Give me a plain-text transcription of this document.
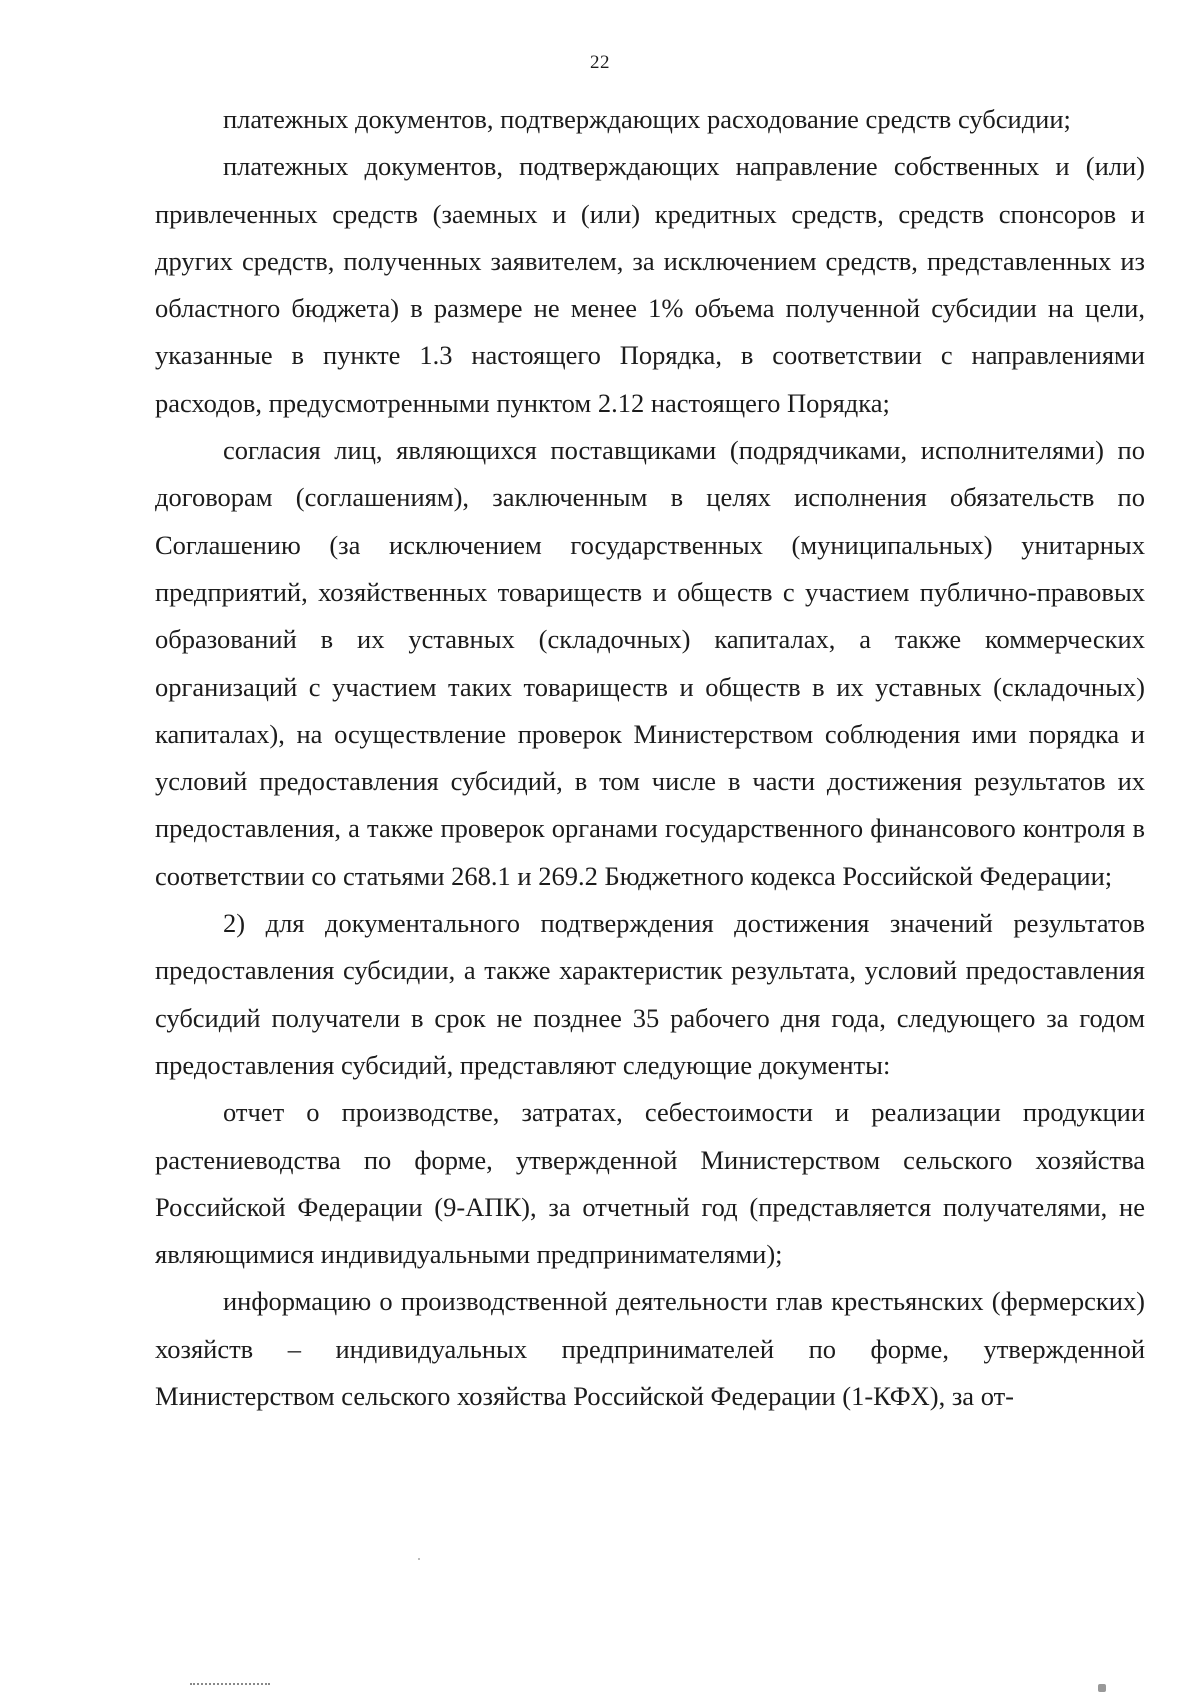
22

платежных документов, подтверждающих расходование средств субсидии;

платежных документов, подтверждающих направление собственных и (или) привлеченных средств (заемных и (или) кредитных средств, средств спонсоров и других средств, полученных заявителем, за исключением средств, представленных из областного бюджета) в размере не менее 1% объема полученной субсидии на цели, указанные в пункте 1.3 настоящего Порядка, в соответствии с направлениями расходов, предусмотренными пунктом 2.12 настоящего Порядка;

согласия лиц, являющихся поставщиками (подрядчиками, исполнителями) по договорам (соглашениям), заключенным в целях исполнения обязательств по Соглашению (за исключением государственных (муниципальных) унитарных предприятий, хозяйственных товариществ и обществ с участием публично-правовых образований в их уставных (складочных) капиталах, а также коммерческих организаций с участием таких товариществ и обществ в их уставных (складочных) капиталах), на осуществление проверок Министерством соблюдения ими порядка и условий предоставления субсидий, в том числе в части достижения результатов их предоставления, а также проверок органами государственного финансового контроля в соответствии со статьями 268.1 и 269.2 Бюджетного кодекса Российской Федерации;

2) для документального подтверждения достижения значений результатов предоставления субсидии, а также характеристик результата, условий предоставления субсидий получатели в срок не позднее 35 рабочего дня года, следующего за годом предоставления субсидий, представляют следующие документы:

отчет о производстве, затратах, себестоимости и реализации продукции растениеводства по форме, утвержденной Министерством сельского хозяйства Российской Федерации (9-АПК), за отчетный год (представляется получателями, не являющимися индивидуальными предпринимателями);

информацию о производственной деятельности глав крестьянских (фермерских) хозяйств – индивидуальных предпринимателей по форме, утвержденной Министерством сельского хозяйства Российской Федерации (1-КФХ), за от-
